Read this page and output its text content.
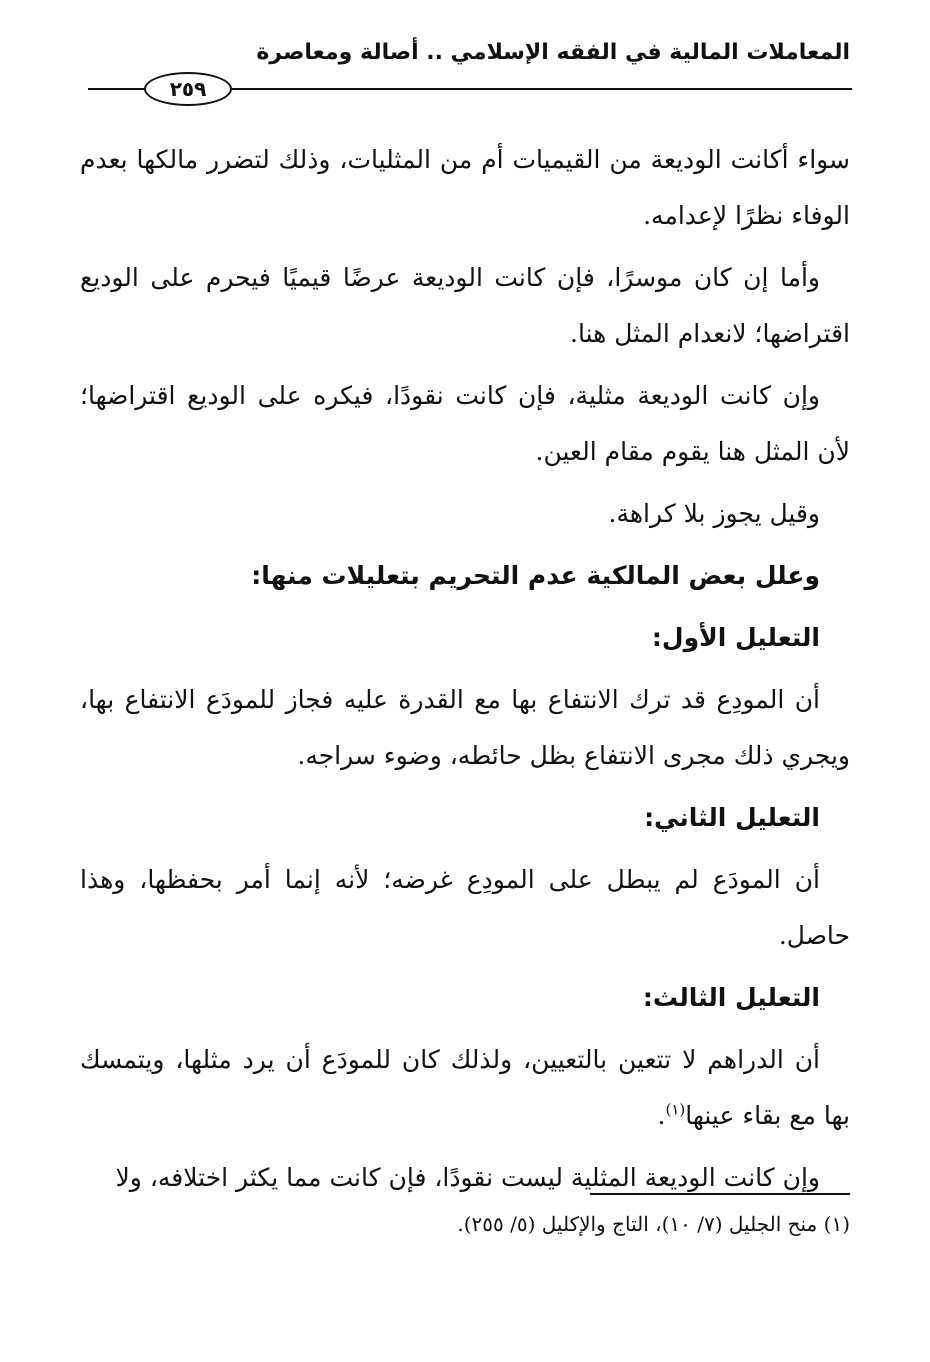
المعاملات المالية في الفقه الإسلامي .. أصالة ومعاصرة
٢٥٩

سواء أكانت الوديعة من القيميات أم من المثليات، وذلك لتضرر مالكها بعدم الوفاء نظرًا لإعدامه.

وأما إن كان موسرًا، فإن كانت الوديعة عرضًا قيميًا فيحرم على الوديع اقتراضها؛ لانعدام المثل هنا.

وإن كانت الوديعة مثلية، فإن كانت نقودًا، فيكره على الوديع اقتراضها؛ لأن المثل هنا يقوم مقام العين.

وقيل يجوز بلا كراهة.

وعلل بعض المالكية عدم التحريم بتعليلات منها:

التعليل الأول:

أن المودِع قد ترك الانتفاع بها مع القدرة عليه فجاز للمودَع الانتفاع بها، ويجري ذلك مجرى الانتفاع بظل حائطه، وضوء سراجه.

التعليل الثاني:

أن المودَع لم يبطل على المودِع غرضه؛ لأنه إنما أمر بحفظها، وهذا حاصل.

التعليل الثالث:

أن الدراهم لا تتعين بالتعيين، ولذلك كان للمودَع أن يرد مثلها، ويتمسك بها مع بقاء عينها$^{(١)}$.

وإن كانت الوديعة المثلية ليست نقودًا، فإن كانت مما يكثر اختلافه، ولا

(١) منح الجليل (٧/ ١٠)، التاج والإكليل (٥/ ٢٥٥).
